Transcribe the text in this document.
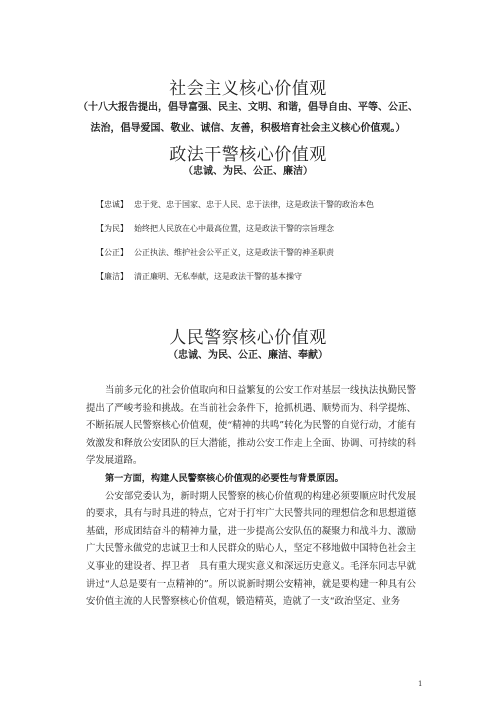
社会主义核心价值观
（十八大报告提出，倡导富强、民主、文明、和谐，倡导自由、平等、公正、
法治，倡导爱国、敬业、诚信、友善，积极培育社会主义核心价值观。）
政法干警核心价值观
（忠诚、为民、公正、廉洁）
【忠诚】 忠于党、忠于国家、忠于人民、忠于法律，这是政法干警的政治本色
【为民】 始终把人民放在心中最高位置，这是政法干警的宗旨理念
【公正】 公正执法、维护社会公平正义，这是政法干警的神圣职责
【廉洁】 清正廉明、无私奉献，这是政法干警的基本操守
人民警察核心价值观
（忠诚、为民、公正、廉洁、奉献）

当前多元化的社会价值取向和日益繁复的公安工作对基层一线执法执勤民警提出了严峻考验和挑战。在当前社会条件下，抢抓机遇、顺势而为、科学提炼、不断拓展人民警察核心价值观，使“精神的共鸣”转化为民警的自觉行动，才能有效激发和释放公安团队的巨大潜能，推动公安工作走上全面、协调、可持续的科学发展道路。

第一方面，构建人民警察核心价值观的必要性与背景原因。

公安部党委认为，新时期人民警察的核心价值观的构建必须要顺应时代发展的要求，具有与时具进的特点，它对于打牢广大民警共同的理想信念和思想道德基础，形成团结奋斗的精神力量，进一步提高公安队伍的凝聚力和战斗力、激励广大民警永做党的忠诚卫士和人民群众的贴心人，坚定不移地做中国特色社会主义事业的建设者、捍卫者　具有重大现实意义和深远历史意义。毛泽东同志早就讲过“人总是要有一点精神的”。所以说新时期公安精神，就是要构建一种具有公安价值主流的人民警察核心价值观，锻造精英，造就了一支“政治坚定、业务

1
